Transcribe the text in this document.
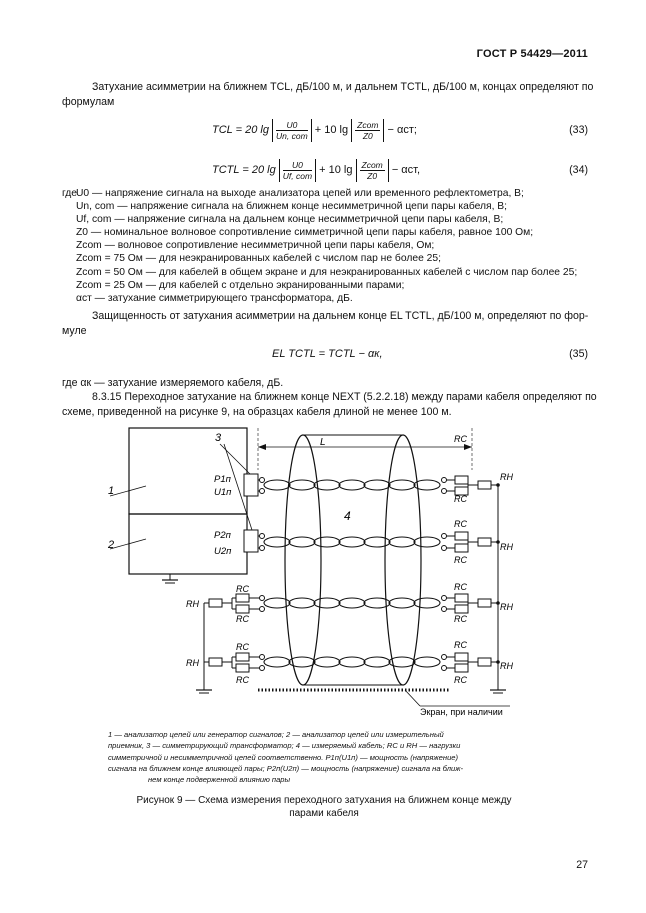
ГОСТ Р 54429—2011
Затухание асимметрии на ближнем TCL, дБ/100 м, и дальнем TCTL, дБ/100 м, концах определяют по
формулам
TCL = 20 lg
$\frac{U0}{\text{Un, com}}$
+ 10 lg
$\frac{\text{Zcom}}{Z0}$
− αст;	(33)
TCTL = 20 lg
$\frac{U0}{\text{Uf, com}}$
+ 10 lg
$\frac{\text{Zcom}}{Z0}$
− αст,	(34)
где
U0 — напряжение сигнала на выходе анализатора цепей или временного рефлектометра, В;
Un, com — напряжение сигнала на ближнем конце несимметричной цепи пары кабеля, В;
Uf, com — напряжение сигнала на дальнем конце несимметричной цепи пары кабеля, В;
Z0 — номинальное волновое сопротивление симметричной цепи пары кабеля, равное 100 Ом;
Zcom — волновое сопротивление несимметричной цепи пары кабеля, Ом;
Zcom = 75 Ом — для неэкранированных кабелей с числом пар не более 25;
Zcom = 50 Ом — для кабелей в общем экране и для неэкранированных кабелей с числом пар более 25;
Zcom = 25 Ом — для кабелей с отдельно экранированными парами;
αст — затухание симметрирующего трансформатора, дБ.
Защищенность от затухания асимметрии на дальнем конце EL TCTL, дБ/100 м, определяют по фор-
муле
EL TCTL = TCTL − αк,	(35)
где αк — затухание измеряемого кабеля, дБ.
8.3.15 Переходное затухание на ближнем конце NEXT (5.2.2.18) между парами кабеля определяют по
схеме, приведенной на рисунке 9, на образцах кабеля длиной не менее 100 м.
1
2
P1п
U1п
P2п
U2п
3	L
4
Экран, при наличии
RC
RC
RC
RC
RC
RC
RC
RC
RН
RН
RН
RН
RC
RC
RC
RC
RН
RН
1 — анализатор цепей или генератор сигналов; 2 — анализатор цепей или измерительный
приемник, 3 — симметрирующий трансформатор; 4 — измеряемый кабель; RС и RН — нагрузки
симметричной и несимметричной цепей соответственно. P1п(U1п) — мощность (напряжение)
сигнала на ближнем конце влияющей пары; P2п(U2п) — мощность (напряжение) сигнала на ближ-
нем конце подверженной влиянию пары
Рисунок 9 — Схема измерения переходного затухания на ближнем конце между
парами кабеля
27
